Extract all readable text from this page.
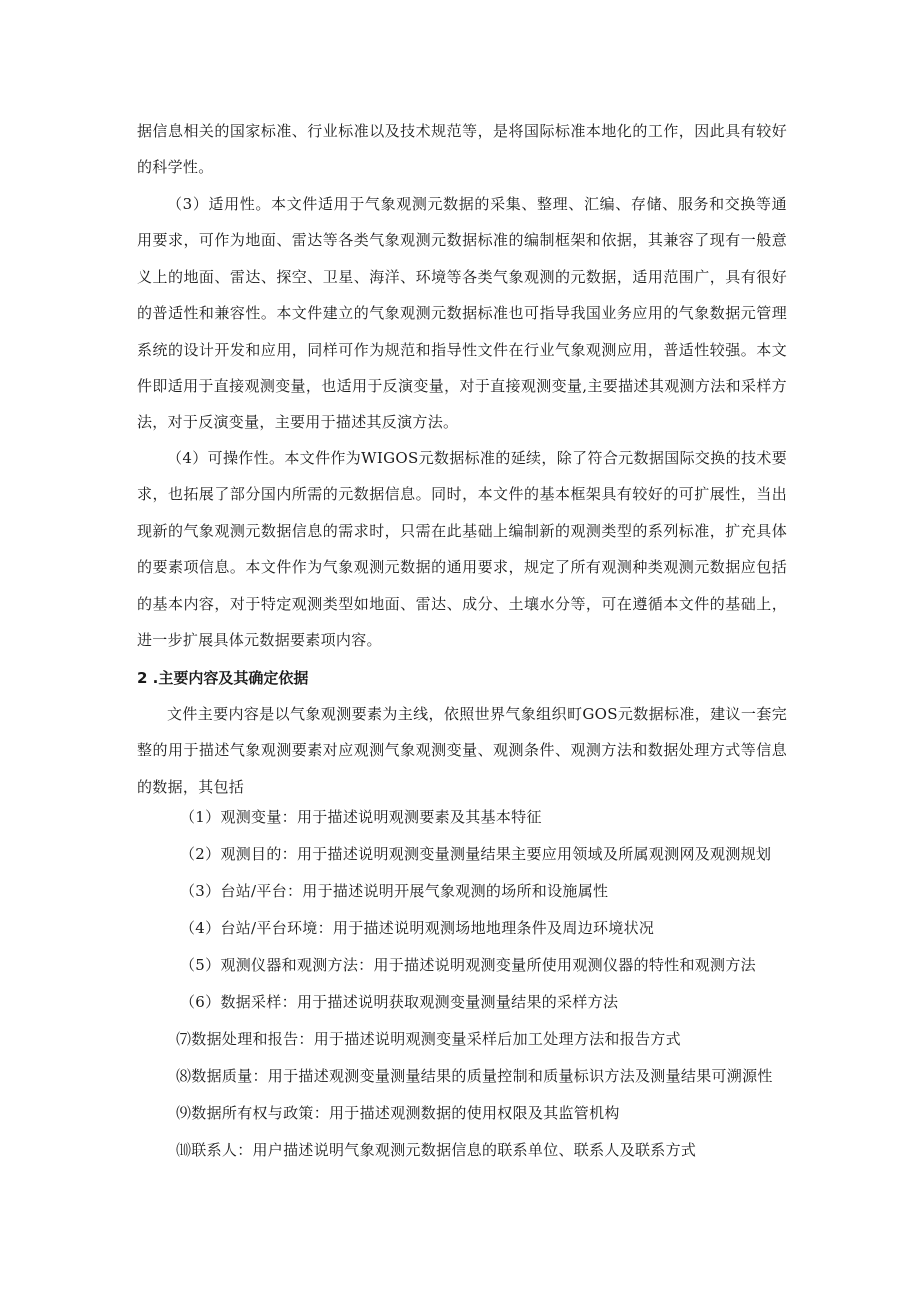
据信息相关的国家标准、行业标准以及技术规范等，是将国际标准本地化的工作，因此具有较好的科学性。

（3）适用性。本文件适用于气象观测元数据的采集、整理、汇编、存储、服务和交换等通用要求，可作为地面、雷达等各类气象观测元数据标准的编制框架和依据，其兼容了现有一般意义上的地面、雷达、探空、卫星、海洋、环境等各类气象观测的元数据，适用范围广，具有很好的普适性和兼容性。本文件建立的气象观测元数据标准也可指导我国业务应用的气象数据元管理系统的设计开发和应用，同样可作为规范和指导性文件在行业气象观测应用，普适性较强。本文件即适用于直接观测变量，也适用于反演变量，对于直接观测变量,主要描述其观测方法和采样方法，对于反演变量，主要用于描述其反演方法。

（4）可操作性。本文件作为WIGOS元数据标准的延续，除了符合元数据国际交换的技术要求，也拓展了部分国内所需的元数据信息。同时，本文件的基本框架具有较好的可扩展性，当出现新的气象观测元数据信息的需求时，只需在此基础上编制新的观测类型的系列标准，扩充具体的要素项信息。本文件作为气象观测元数据的通用要求，规定了所有观测种类观测元数据应包括的基本内容，对于特定观测类型如地面、雷达、成分、土壤水分等，可在遵循本文件的基础上，进一步扩展具体元数据要素项内容。

2 .主要内容及其确定依据

文件主要内容是以气象观测要素为主线，依照世界气象组织町GOS元数据标准，建议一套完整的用于描述气象观测要素对应观测气象观测变量、观测条件、观测方法和数据处理方式等信息的数据，其包括

（1）观测变量：用于描述说明观测要素及其基本特征
（2）观测目的：用于描述说明观测变量测量结果主要应用领域及所属观测网及观测规划
（3）台站/平台：用于描述说明开展气象观测的场所和设施属性
（4）台站/平台环境：用于描述说明观测场地地理条件及周边环境状况
（5）观测仪器和观测方法：用于描述说明观测变量所使用观测仪器的特性和观测方法
（6）数据采样：用于描述说明获取观测变量测量结果的采样方法
⑺数据处理和报告：用于描述说明观测变量采样后加工处理方法和报告方式
⑻数据质量：用于描述观测变量测量结果的质量控制和质量标识方法及测量结果可溯源性
⑼数据所有权与政策：用于描述观测数据的使用权限及其监管机构
⑽联系人：用户描述说明气象观测元数据信息的联系单位、联系人及联系方式
